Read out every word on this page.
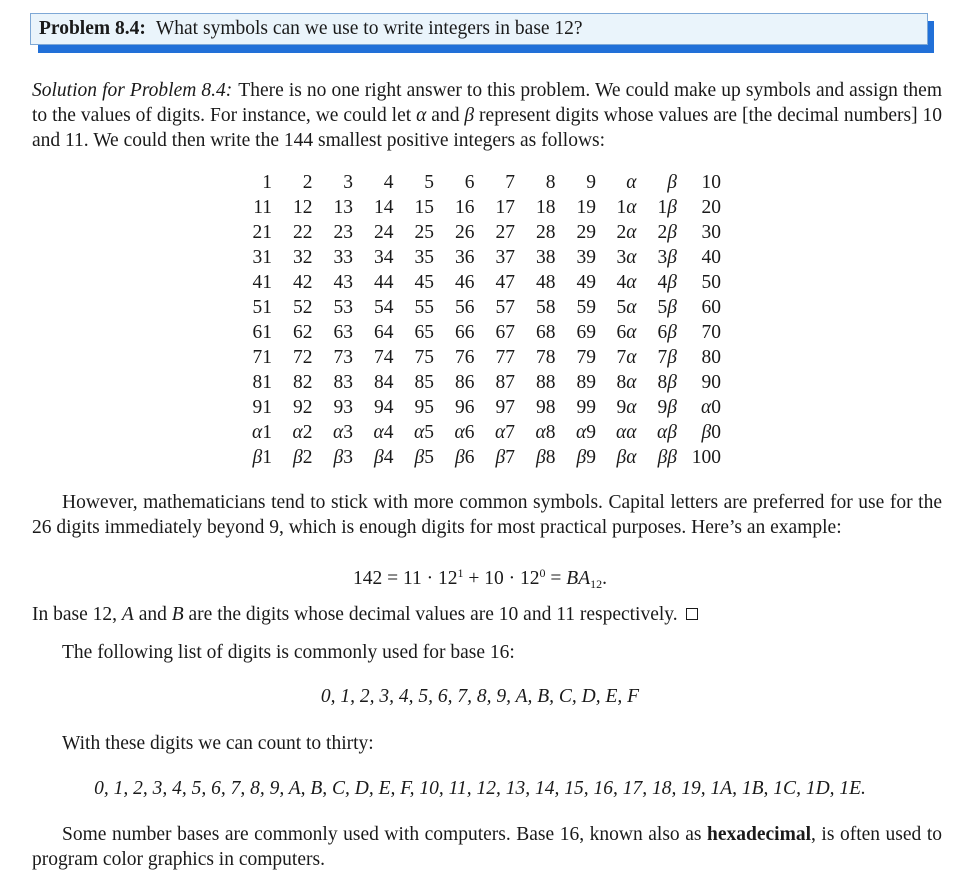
Problem 8.4: What symbols can we use to write integers in base 12?
Solution for Problem 8.4: There is no one right answer to this problem. We could make up symbols and assign them to the values of digits. For instance, we could let α and β represent digits whose values are [the decimal numbers] 10 and 11. We could then write the 144 smallest positive integers as follows:
1	2	3	4	5	6	7	8	9	α	β	10
11	12	13	14	15	16	17	18	19	1α	1β	20
21	22	23	24	25	26	27	28	29	2α	2β	30
31	32	33	34	35	36	37	38	39	3α	3β	40
41	42	43	44	45	46	47	48	49	4α	4β	50
51	52	53	54	55	56	57	58	59	5α	5β	60
61	62	63	64	65	66	67	68	69	6α	6β	70
71	72	73	74	75	76	77	78	79	7α	7β	80
81	82	83	84	85	86	87	88	89	8α	8β	90
91	92	93	94	95	96	97	98	99	9α	9β	α0
α1	α2	α3	α4	α5	α6	α7	α8	α9	αα	αβ	β0
β1	β2	β3	β4	β5	β6	β7	β8	β9	βα	ββ	100
However, mathematicians tend to stick with more common symbols. Capital letters are preferred for use for the 26 digits immediately beyond 9, which is enough digits for most practical purposes. Here’s an example:
$142 = 11 \cdot 12^1 + 10 \cdot 12^0 = BA_{12}$.
In base 12, A and B are the digits whose decimal values are 10 and 11 respectively.
The following list of digits is commonly used for base 16:
0, 1, 2, 3, 4, 5, 6, 7, 8, 9, A, B, C, D, E, F
With these digits we can count to thirty:
0, 1, 2, 3, 4, 5, 6, 7, 8, 9, A, B, C, D, E, F, 10, 11, 12, 13, 14, 15, 16, 17, 18, 19, 1A, 1B, 1C, 1D, 1E.
Some number bases are commonly used with computers. Base 16, known also as hexadecimal, is often used to program color graphics in computers.
